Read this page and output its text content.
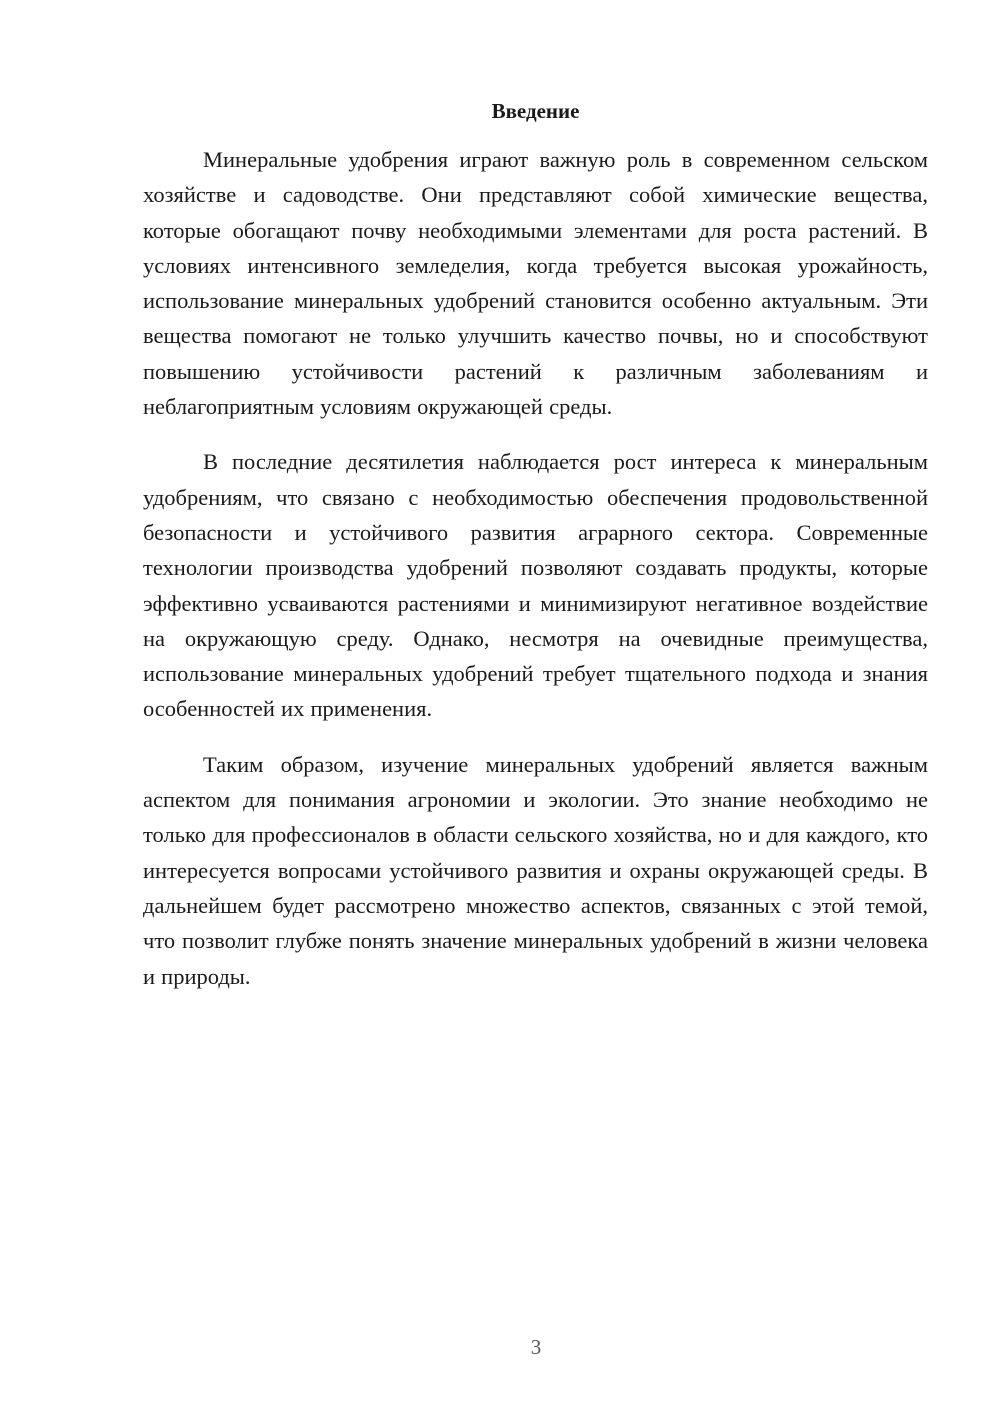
Введение

Минеральные удобрения играют важную роль в современном сельском хозяйстве и садоводстве. Они представляют собой химические вещества, которые обогащают почву необходимыми элементами для роста растений. В условиях интенсивного земледелия, когда требуется высокая урожайность, использование минеральных удобрений становится особенно актуальным. Эти вещества помогают не только улучшить качество почвы, но и способствуют повышению устойчивости растений к различным заболеваниям и неблагоприятным условиям окружающей среды.

В последние десятилетия наблюдается рост интереса к минеральным удобрениям, что связано с необходимостью обеспечения продовольственной безопасности и устойчивого развития аграрного сектора. Современные технологии производства удобрений позволяют создавать продукты, которые эффективно усваиваются растениями и минимизируют негативное воздействие на окружающую среду. Однако, несмотря на очевидные преимущества, использование минеральных удобрений требует тщательного подхода и знания особенностей их применения.

Таким образом, изучение минеральных удобрений является важным аспектом для понимания агрономии и экологии. Это знание необходимо не только для профессионалов в области сельского хозяйства, но и для каждого, кто интересуется вопросами устойчивого развития и охраны окружающей среды. В дальнейшем будет рассмотрено множество аспектов, связанных с этой темой, что позволит глубже понять значение минеральных удобрений в жизни человека и природы.

3
